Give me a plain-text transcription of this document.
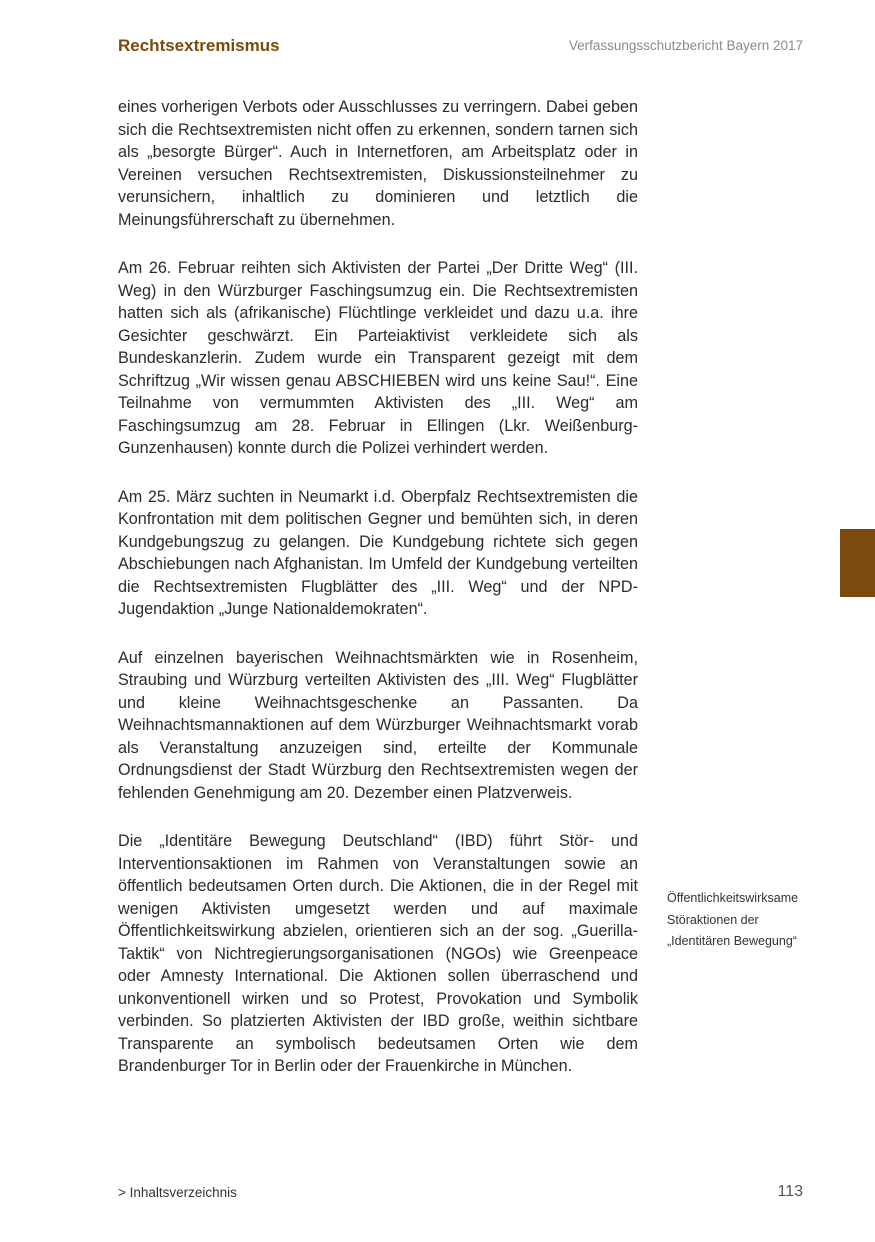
Rechtsextremismus	Verfassungsschutzbericht Bayern 2017

eines vorherigen Verbots oder Ausschlusses zu verringern. Dabei geben sich die Rechtsextremisten nicht offen zu erkennen, sondern tarnen sich als „besorgte Bürger“. Auch in Internetforen, am Arbeitsplatz oder in Vereinen versuchen Rechtsextremisten, Diskussionsteilnehmer zu verunsichern, inhaltlich zu dominieren und letztlich die Meinungsführerschaft zu übernehmen.

Am 26. Februar reihten sich Aktivisten der Partei „Der Dritte Weg“ (III. Weg) in den Würzburger Faschingsumzug ein. Die Rechtsextremisten hatten sich als (afrikanische) Flüchtlinge verkleidet und dazu u.a. ihre Gesichter geschwärzt. Ein Parteiaktivist verkleidete sich als Bundeskanzlerin. Zudem wurde ein Transparent gezeigt mit dem Schriftzug „Wir wissen genau ABSCHIEBEN wird uns keine Sau!“. Eine Teilnahme von vermummten Aktivisten des „III. Weg“ am Faschingsumzug am 28. Februar in Ellingen (Lkr. Weißenburg-Gunzenhausen) konnte durch die Polizei verhindert werden.

Am 25. März suchten in Neumarkt i.d. Oberpfalz Rechtsextremisten die Konfrontation mit dem politischen Gegner und bemühten sich, in deren Kundgebungszug zu gelangen. Die Kundgebung richtete sich gegen Abschiebungen nach Afghanistan. Im Umfeld der Kundgebung verteilten die Rechtsextremisten Flugblätter des „III. Weg“ und der NPD-Jugendaktion „Junge Nationaldemokraten“.

Auf einzelnen bayerischen Weihnachtsmärkten wie in Rosenheim, Straubing und Würzburg verteilten Aktivisten des „III. Weg“ Flugblätter und kleine Weihnachtsgeschenke an Passanten. Da Weihnachtsmannaktionen auf dem Würzburger Weihnachtsmarkt vorab als Veranstaltung anzuzeigen sind, erteilte der Kommunale Ordnungsdienst der Stadt Würzburg den Rechtsextremisten wegen der fehlenden Genehmigung am 20. Dezember einen Platzverweis.

Die „Identitäre Bewegung Deutschland“ (IBD) führt Stör- und Interventionsaktionen im Rahmen von Veranstaltungen sowie an öffentlich bedeutsamen Orten durch. Die Aktionen, die in der Regel mit wenigen Aktivisten umgesetzt werden und auf maximale Öffentlichkeitswirkung abzielen, orientieren sich an der sog. „Guerilla-Taktik“ von Nichtregierungsorganisationen (NGOs) wie Greenpeace oder Amnesty International. Die Aktionen sollen überraschend und unkonventionell wirken und so Protest, Provokation und Symbolik verbinden. So platzierten Aktivisten der IBD große, weithin sichtbare Transparente an symbolisch bedeutsamen Orten wie dem Brandenburger Tor in Berlin oder der Frauenkirche in München.

Öffentlichkeitswirksame Störaktionen der „Identitären Bewegung“
> Inhaltsverzeichnis	113
